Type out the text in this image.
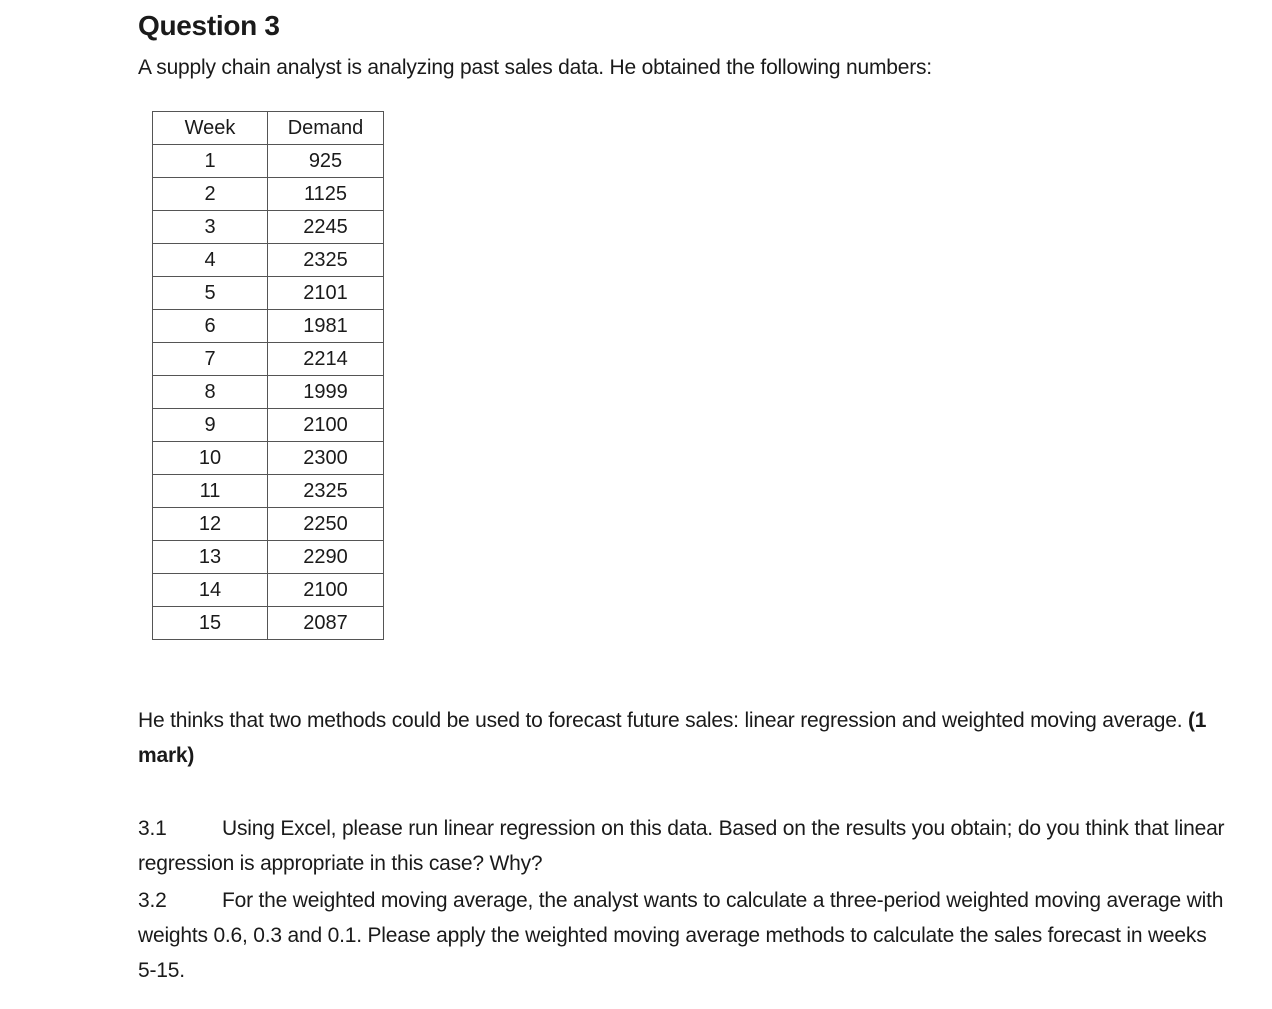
Question 3

A supply chain analyst is analyzing past sales data. He obtained the following numbers:

Week	Demand
1	925
2	1125
3	2245
4	2325
5	2101
6	1981
7	2214
8	1999
9	2100
10	2300
11	2325
12	2250
13	2290
14	2100
15	2087

He thinks that two methods could be used to forecast future sales: linear regression and weighted moving average. (1 mark)

3.1	Using Excel, please run linear regression on this data. Based on the results you obtain; do you think that linear regression is appropriate in this case? Why?

3.2	For the weighted moving average, the analyst wants to calculate a three-period weighted moving average with weights 0.6, 0.3 and 0.1. Please apply the weighted moving average methods to calculate the sales forecast in weeks 5-15.
